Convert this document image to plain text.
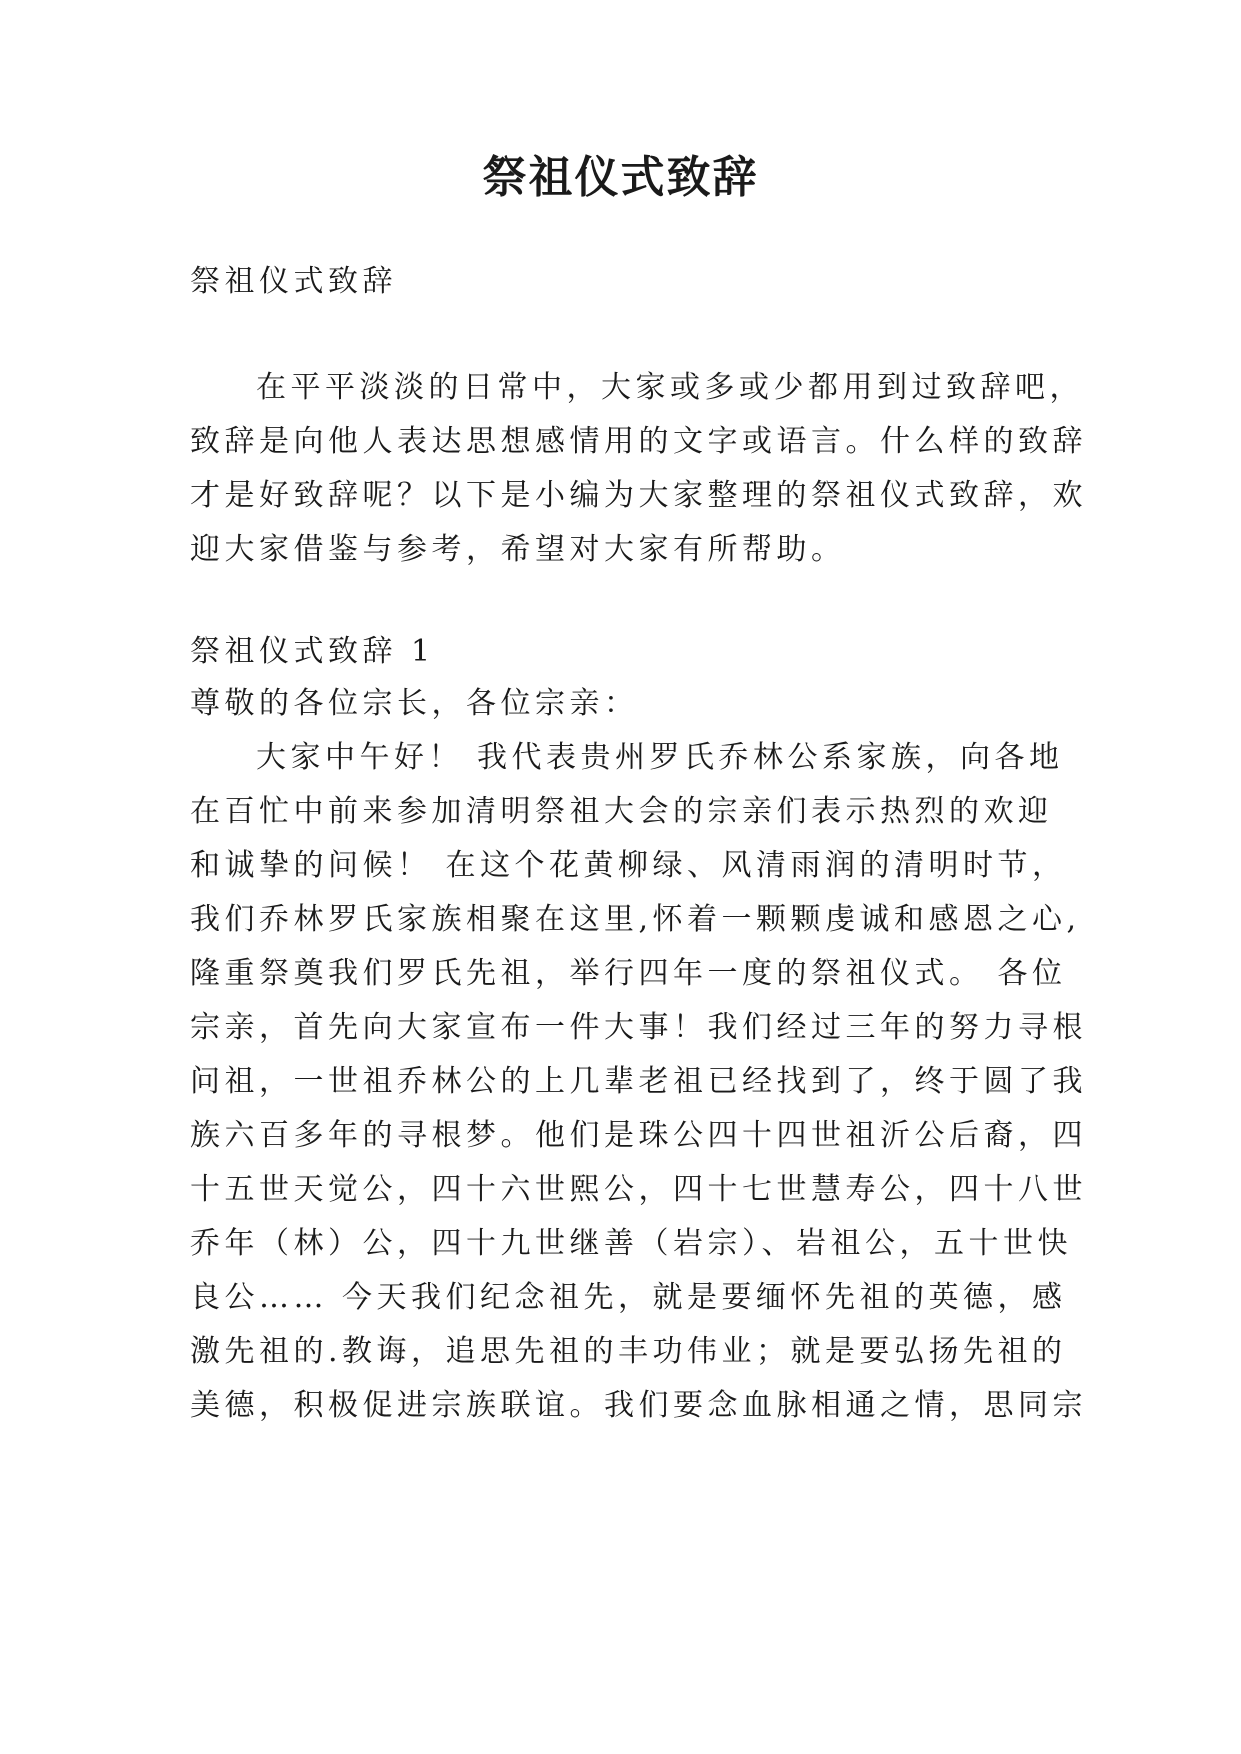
祭祖仪式致辞

祭祖仪式致辞

在平平淡淡的日常中，大家或多或少都用到过致辞吧，

致辞是向他人表达思想感情用的文字或语言。什么样的致辞

才是好致辞呢？以下是小编为大家整理的祭祖仪式致辞，欢

迎大家借鉴与参考，希望对大家有所帮助。

祭祖仪式致辞 1

尊敬的各位宗长，各位宗亲：

大家中午好！ 我代表贵州罗氏乔林公系家族，向各地

在百忙中前来参加清明祭祖大会的宗亲们表示热烈的欢迎

和诚挚的问候！ 在这个花黄柳绿、风清雨润的清明时节，

我们乔林罗氏家族相聚在这里,怀着一颗颗虔诚和感恩之心,

隆重祭奠我们罗氏先祖，举行四年一度的祭祖仪式。 各位

宗亲，首先向大家宣布一件大事！我们经过三年的努力寻根

问祖，一世祖乔林公的上几辈老祖已经找到了，终于圆了我

族六百多年的寻根梦。他们是珠公四十四世祖沂公后裔，四

十五世天觉公，四十六世熙公，四十七世慧寿公，四十八世

乔年（林）公，四十九世继善（岩宗）、岩祖公，五十世快

良公…… 今天我们纪念祖先，就是要缅怀先祖的英德，感

激先祖的.教诲，追思先祖的丰功伟业；就是要弘扬先祖的

美德，积极促进宗族联谊。我们要念血脉相通之情，思同宗
